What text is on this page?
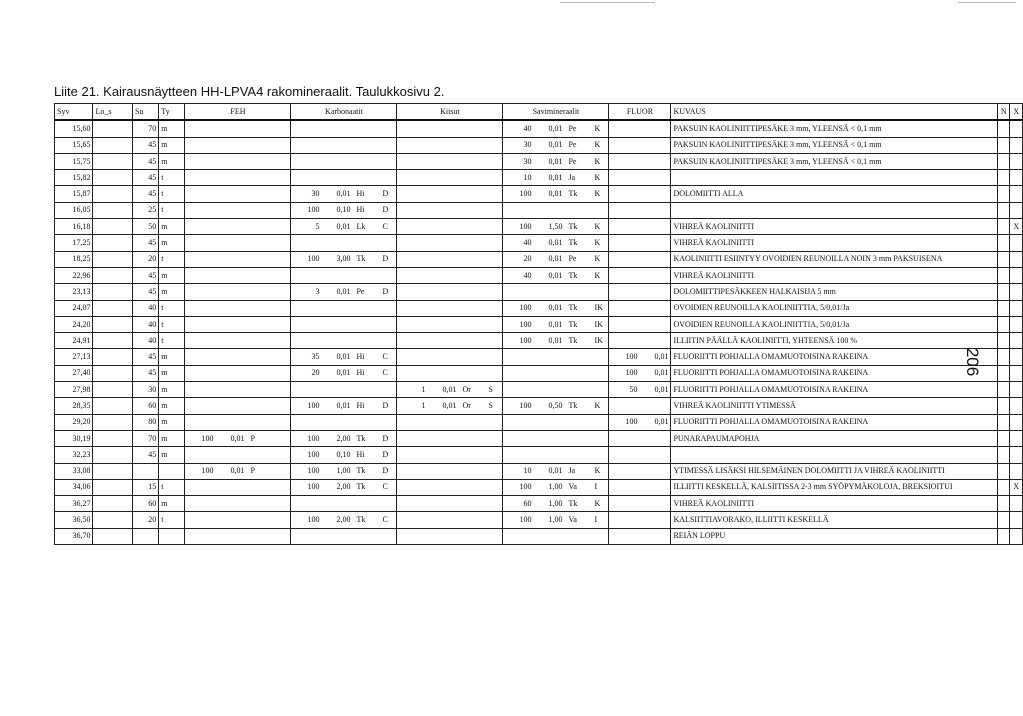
Liite 21. Kairausnäytteen HH-LPVA4 rakomineraalit. Taulukkosivu 2.
Syv	Lo_s	Su	Ty	FEH	Karbonaatit	Kiisut	Savimineraalit	FLUOR	KUVAUS	N	X
15,60		70	m				40 0,01 Pe K		PAKSUIN KAOLINIITTIPESÄKE 3 mm, YLEENSÄ < 0,1 mm		
15,65		45	m				30 0,01 Pe K		PAKSUIN KAOLINIITTIPESÄKE 3 mm, YLEENSÄ < 0,1 mm		
15,75		45	m				30 0,01 Pe K		PAKSUIN KAOLINIITTIPESÄKE 3 mm, YLEENSÄ < 0,1 mm		
15,82		45	t				10 0,01 Ja K				
15,87		45	t		30 0,01 Hi D		100 0,01 Tk K		DOLOMIITTI ALLA		
16,05		25	t		100 0,10 Hi D						
16,18		50	m		5 0,01 Lk C		100 1,50 Tk K		VIHREÄ KAOLINIITTI		X
17,25		45	m				40 0,01 Tk K		VIHREÄ KAOLINIITTI		
18,25		20	t		100 3,00 Tk D		20 0,01 Pe K		KAOLINIITTI ESIINTYY OVOIDIEN REUNOILLA NOIN 3 mm PAKSUISENA		
22,96		45	m				40 0,01 Tk K		VIHREÄ KAOLINIITTI		
23,13		45	m		3 0,01 Pe D				DOLOMIITTIPESÄKKEEN HALKAISIJA 5 mm		
24,07		40	t				100 0,01 Tk IK		OVOIDIEN REUNOILLA KAOLINIITTIA, 5/0,01/Ja		
24,20		40	t				100 0,01 Tk IK		OVOIDIEN REUNOILLA KAOLINIITTIA, 5/0,01/Ja		
24,91		40	t				100 0,01 Tk IK		ILLIITIN PÄÄLLÄ KAOLINIITTI, YHTEENSÄ 100 %		
27,13		45	m		35 0,01 Hi C			100 0,01	FLUORIITTI POHJALLA OMAMUOTOISINA RAKEINA		
27,40		45	m		20 0,01 Hi C			100 0,01	FLUORIITTI POHJALLA OMAMUOTOISINA RAKEINA		
27,98		30	m			1 0,01 Or S		50 0,01	FLUORIITTI POHJALLA OMAMUOTOISINA RAKEINA		
28,35		60	m		100 0,01 Hi D	1 0,01 Or S	100 0,50 Tk K		VIHREÄ KAOLINIITTI YTIMESSÄ		
29,20		80	m					100 0,01	FLUORIITTI POHJALLA OMAMUOTOISINA RAKEINA		
30,19		70	m	100 0,01 P	100 2,00 Tk D				PUNARAPAUMAPOHJA		
32,23		45	m		100 0,10 Hi D						
33,08				100 0,01 P	100 1,00 Tk D		10 0,01 Ja K		YTIMESSÄ LISÄKSI HILSEMÄINEN DOLOMIITTI JA VIHREÄ KAOLINIITTI		
34,06		15	t		100 2,00 Tk C		100 1,00 Va I		ILLIITTI KESKELLÄ, KALSIITISSA 2-3 mm SYÖPYMÄKOLOJA, BREKSIOITUI		X
36,27		60	m				60 1,00 Tk K		VIHREÄ KAOLINIITTI		
36,50		20	t		100 2,00 Tk C		100 1,00 Va I		KALSIITTIAVORAKO, ILLIITTI KESKELLÄ		
36,70									REIÄN LOPPU		
206
